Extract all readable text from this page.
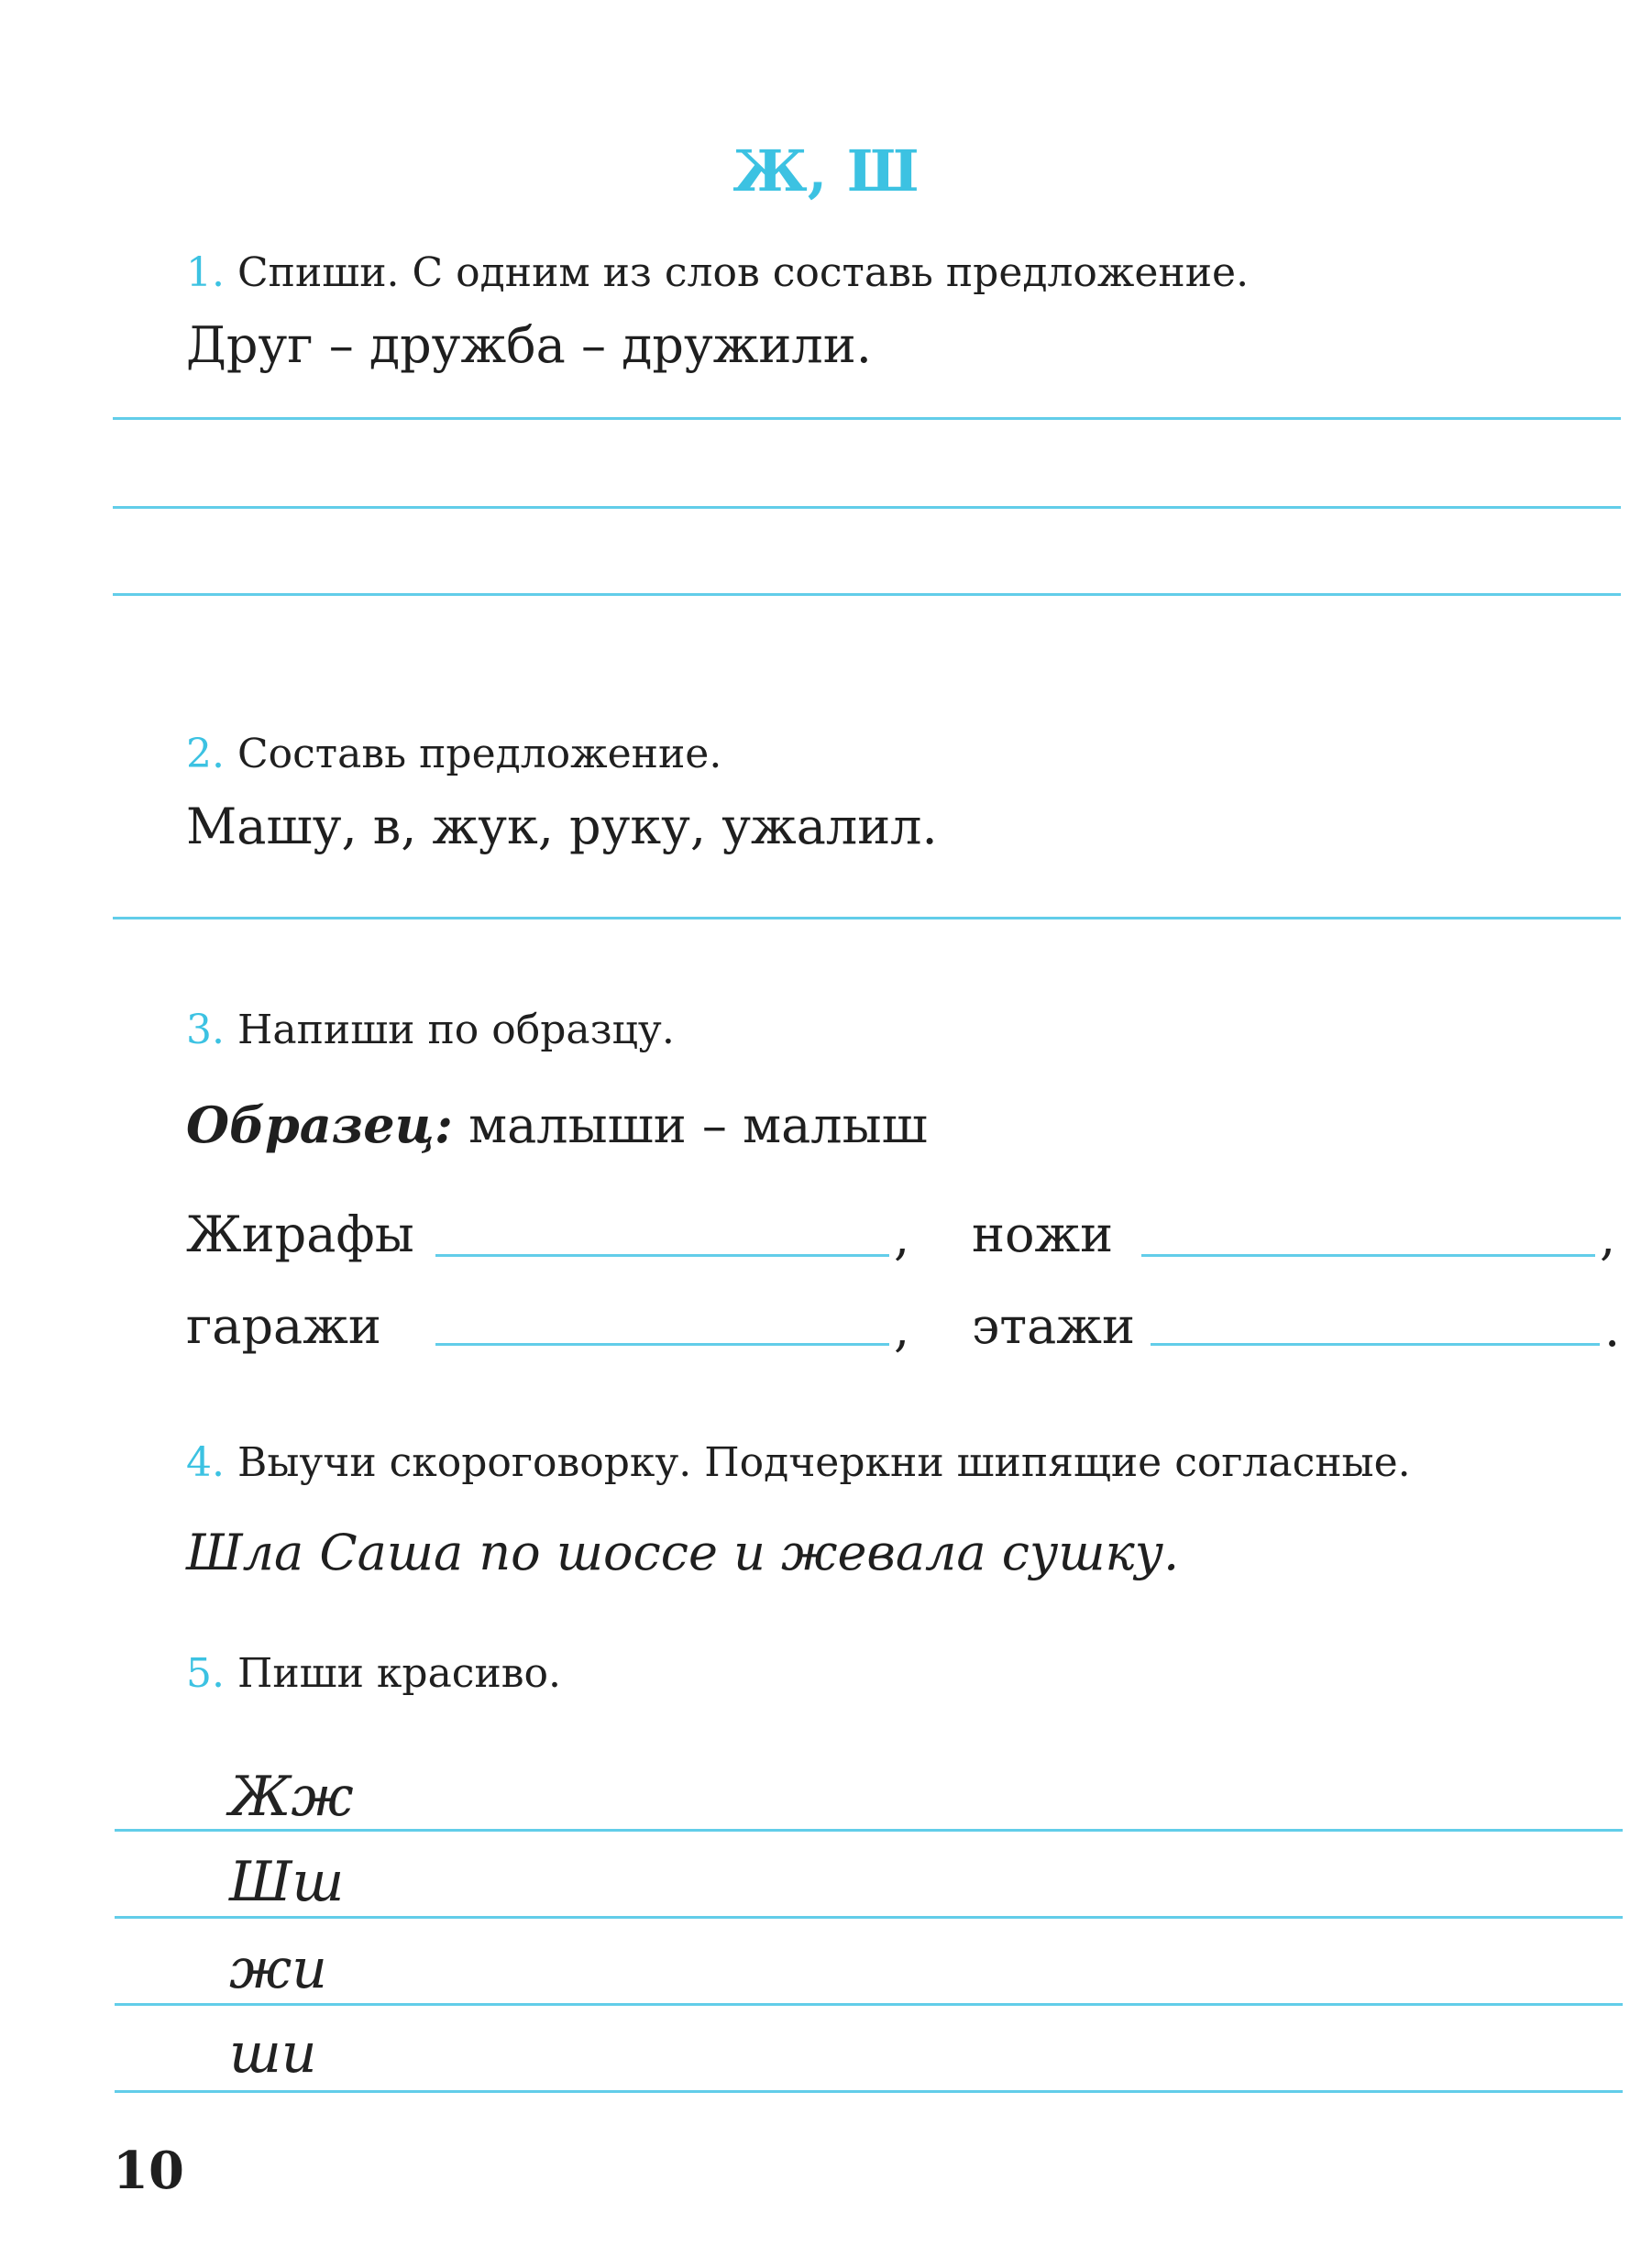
Ж, Ш
1. Спиши. С одним из слов составь предложение.
Друг – дружба – дружили.
2. Составь предложение.
Машу, в, жук, руку, ужалил.
3. Напиши по образцу.
Образец: малыши – малыш
Жирафы	, ножи	,
гаражи	, этажи	.
4. Выучи скороговорку. Подчеркни шипящие согласные.
Шла Саша по шоссе и жевала сушку.
5. Пиши красиво.
Жж
Шш
жи
ши
10
